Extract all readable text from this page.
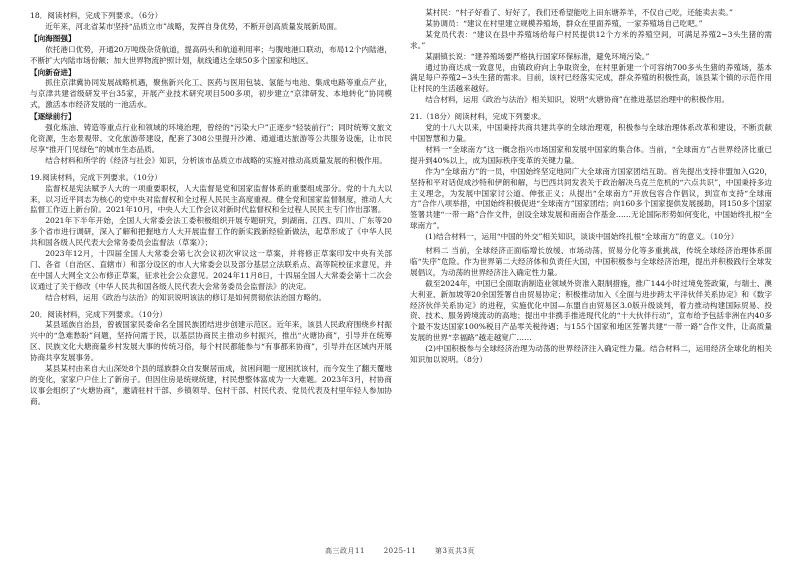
18．阅读材料，完成下列要求。（6分）

近年来，河北省某市坚持“品质立市”战略，发挥自身优势，不断开创高质量发展新局面。

【向海图强】

依托港口优势，开通20万吨级杂货航道，提高码头和航道利用率；与腹地港口联动，布局12个内陆港，不断扩大内陆市场份额；加大世界物流护照计划，航线通达全球50多个国家和地区。

【向新奋进】

抓住京津冀协同发展战略机遇，聚焦新兴化工、医药与医用包装、氢能与电池、集成电路等重点产业，与京津共建省级研发平台35家，开展产业技术研究项目500多项，初步建立“京津研发、本地转化”协同模式，激活本市经济发展的一池活水。

【逐绿前行】

强化炼油、铸造等重点行业和领域的环境治理，曾经的“污染大户”正逐步“轻装前行”；同时统筹文旅文化资源，生态景观带、文化旅游带建设，配套了308公里提升沙滩、通道通达旅游等公共服务设施，让市民尽享“推开门见绿色”的城市生态品质。

结合材料和所学的《经济与社会》知识，分析该市品质立市战略的实施对推动高质量发展的积极作用。

19.阅读材料，完成下列要求。（10分）

监督权是宪法赋予人大的一项重要职权，人大监督是党和国家监督体系的重要组成部分。党的十九大以来，以习近平同志为核心的党中央对监督权和全过程人民民主高度重视。健全党和国家监督制度，推动人大监督工作迈上新台阶。2021年10月，中央人大工作会议对新时代监督权和全过程人民民主专门作出部署。

2021年下半年开始，全国人大常委会法工委积极组织开展专题研究，到湖南、江西、四川、广东等20多个省市进行调研，深入了解和把握地方人大开展监督工作的新实践新经验新做法，起草形成了《中华人民共和国各级人民代表大会常务委员会监督法（草案）》；

2023年12月，十四届全国人大常委会第七次会议初次审议这一草案，并将修正草案印发中央有关部门、各省（自治区、直辖市）和部分设区的市人大常委会以及部分基层立法联系点、高等院校征求意见，并在中国人大网全文公布修正草案，征求社会公众意见。2024年11月8日，十四届全国人大常委会第十二次会议通过了关于修改《中华人民共和国各级人民代表大会常务委员会监督法》的决定。

结合材料，运用《政治与法治》的知识说明该法的修订是如何贯彻依法治国方略的。

20．阅读材料，完成下列要求。（10分）

某县瑶族自治县，曾被国家民委命名全国民族团结进步创建示范区。近年来，该县人民政府围绕乡村振兴中的“急难愁盼”问题，坚持问需于民，以基层协商民主推动乡村振兴，推出“火塘协商”，引导并在统筹区、民族文化大塘商量乡村发展大事的传统习俗，每个村民都能参与“有事都来协商”，引导并在区域内开展协商共享发展事务。

某县某村由来自大山深处8个县的瑶族群众自发聚居而成，贫困问题一度困扰该村，而今发生了翻天覆地的变化，家家户户住上了新房子。但因住房是统规统建，村民想整体富成为一大难题。2023年3月，村协商议事会组织了“火塘协商”，邀请驻村干部、乡镇领导、包村干部、村民代表、党员代表及村里年轻人参加协商。

某村民：“村子好看了、好好了，我们还希望能吃上田东塘养羊，不仅自己吃，还能卖去卖。”

某协调员：“建议在村里建立规模养殖场，群众在里面养殖，一家养殖场自己吃吧。”

某党员代表：“建议在县中养殖场给每户村民提供12个方米的养殖空间，可满足养殖2~3头生猪的需求。”

某副镇长说：“建养殖场要严格执行国家环保标准，避免环境污染。”

通过协商达成一致意见，由镇政府向上争取资金，在村里新建一个可容纳700多头生猪的养殖场，基本满足每户养殖2~3头生猪的需求。目前，该村已经落实完成，群众养殖的积极性高，该县某个镇的示范作用让村民的生活越来越好。

结合材料，运用《政治与法治》相关知识，说明“火塘协商”在推进基层治理中的积极作用。

21.（18分）阅读材料，完成下列要求。

党的十八大以来，中国秉持共商共建共享的全球治理观，积极参与全球治理体系改革和建设，不断贡献中国智慧和力量。

材料一“全球南方”这一概念指兴市场国家和发展中国家的集合体。当前，“全球南方”占世界经济比重已提升到40%以上，成为国际秩序变革的关键力量。

作为“全球南方”的一员，中国始终坚定地同广大全球南方国家团结互助。首先提出支持非盟加入G20，坚持和平对话促成沙特和伊朗和解，与巴西共同发表关于政治解决乌克兰危机的“六点共识”，中国秉持多边主义理念，为发展中国家讨公道、伸张正义；从提出“全球南方”开放包容合作倡议，到宣布支持“全球南方”合作八项举措，中国始终积极促进“全球南方”国家团结；向160多个国家提供发展援助，同150多个国家签署共建“一带一路”合作文件，创设全球发展和南南合作基金……无论国际形势如何变化，中国始终扎根“全球南方”。

(1)结合材料一，运用“中国的外交”相关知识，谈谈中国始终扎根“全球南方”的意义。（10分）

材料二 当前，全球经济正面临增长放缓、市场动荡、贸易分化等多重挑战，传统全球经济治理体系面临“失序”危险。作为世界第二大经济体和负责任大国，中国积极参与全球经济治理，提出并积极践行全球发展倡议，为动荡的世界经济注入确定性力量。

截至2024年，中国已全面取消制造业领域外资准入限制措施，推广144小时过境免签政策，与瑞士、澳大利亚、新加坡等20余国签署自由贸易协定；积极推动加入《全面与进步跨太平洋伙伴关系协定》和《数字经济伙伴关系协定》的进程，实施优化中国—东盟自由贸易区3.0版升级谈判，着力推动构建国际贸易、投资、技术、服务跨境流动的高地；提出中非携手推进现代化的“十大伙伴行动”，宣布给予包括非洲在内40多个最不发达国家100%税目产品零关税待遇；与155个国家和地区签署共建“一带一路”合作文件，让高质量发展的世界“幸福路”越走越宽广……

(2)中国积极参与全球经济治理为动荡的世界经济注入确定性力量。结合材料二，运用经济全球化的相关知识加以说明。（8分）

高三政月11	2025-11	第3页共3页
